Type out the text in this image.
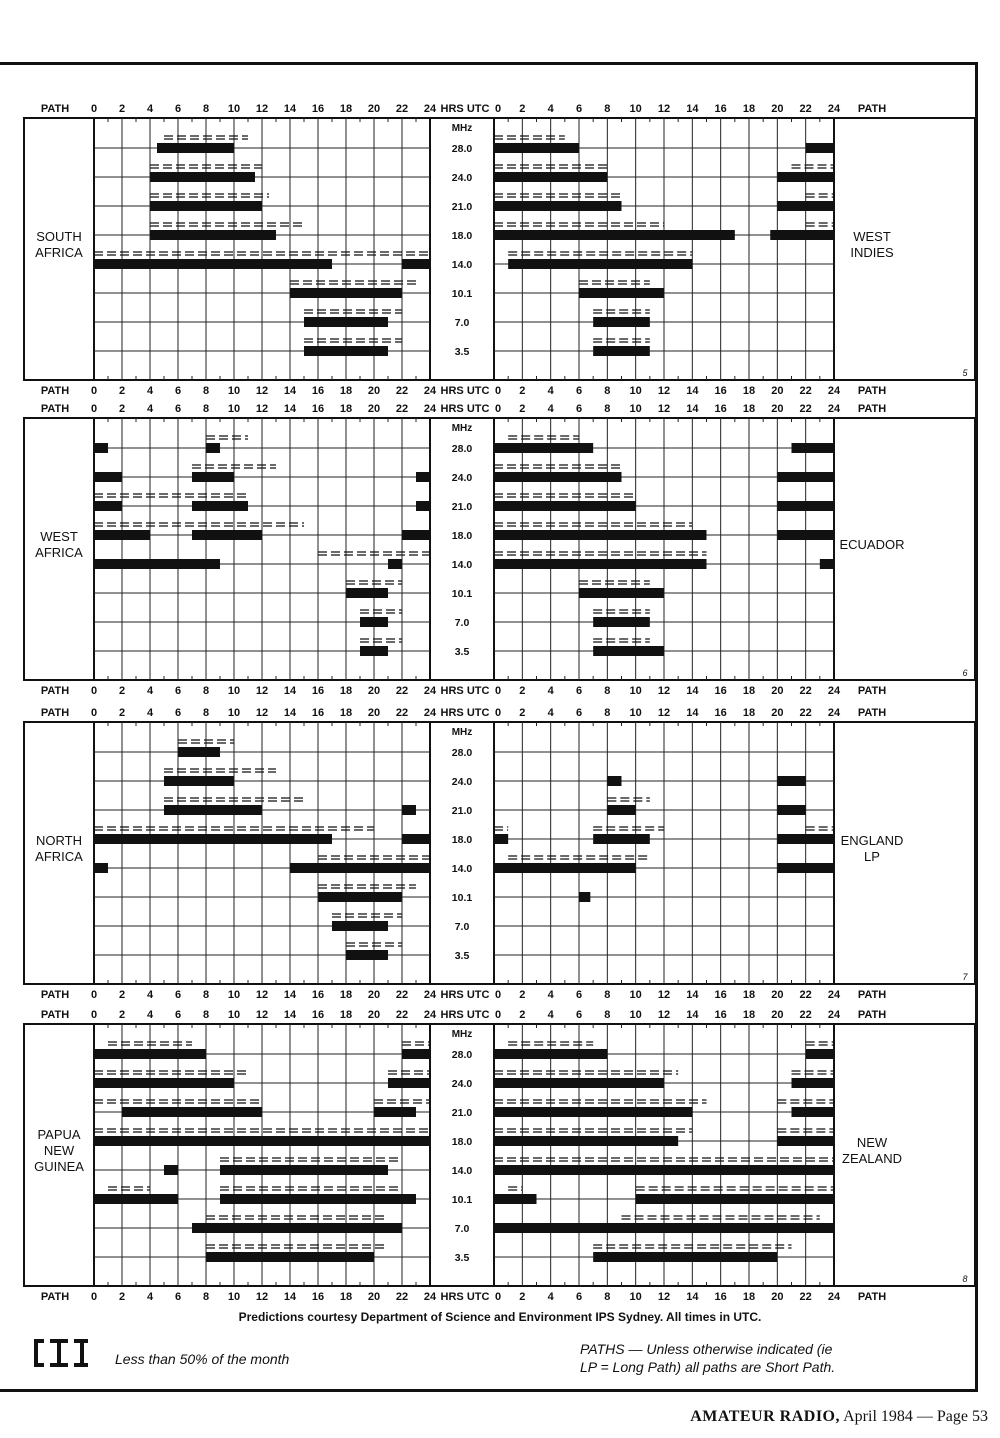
MHz
28.0
24.0
21.0
18.0
14.0
10.1
7.0
3.5
PATH	PATH
0	0
2	2
4	4
6	6
8	8
10	10
12	12
14	14
16	16
18	18
20	20
22	22
24	24
HRS UTC
PATH	PATH
0	0
2	2
4	4
6	6
8	8
10	10
12	12
14	14
16	16
18	18
20	20
22	22
24	24
HRS UTC
SOUTH
AFRICA
WEST
INDIES
5
MHz
28.0
24.0
21.0
18.0
14.0
10.1
7.0
3.5
PATH	PATH
0	0
2	2
4	4
6	6
8	8
10	10
12	12
14	14
16	16
18	18
20	20
22	22
24	24
HRS UTC
PATH	PATH
0	0
2	2
4	4
6	6
8	8
10	10
12	12
14	14
16	16
18	18
20	20
22	22
24	24
HRS UTC
WEST
AFRICA
ECUADOR
6
MHz
28.0
24.0
21.0
18.0
14.0
10.1
7.0
3.5
PATH	PATH
0	0
2	2
4	4
6	6
8	8
10	10
12	12
14	14
16	16
18	18
20	20
22	22
24	24
HRS UTC
PATH	PATH
0	0
2	2
4	4
6	6
8	8
10	10
12	12
14	14
16	16
18	18
20	20
22	22
24	24
HRS UTC
NORTH
AFRICA
ENGLAND
LP
7
MHz
28.0
24.0
21.0
18.0
14.0
10.1
7.0
3.5
PATH	PATH
0	0
2	2
4	4
6	6
8	8
10	10
12	12
14	14
16	16
18	18
20	20
22	22
24	24
HRS UTC
PATH	PATH
0	0
2	2
4	4
6	6
8	8
10	10
12	12
14	14
16	16
18	18
20	20
22	22
24	24
HRS UTC
PAPUA
NEW
GUINEA
NEW
ZEALAND
8
Predictions courtesy Department of Science and Environment IPS Sydney. All times in UTC.
Less than 50% of the month
PATHS — Unless otherwise indicated (ie
LP = Long Path) all paths are Short Path.
AMATEUR RADIO, April 1984 — Page 53
